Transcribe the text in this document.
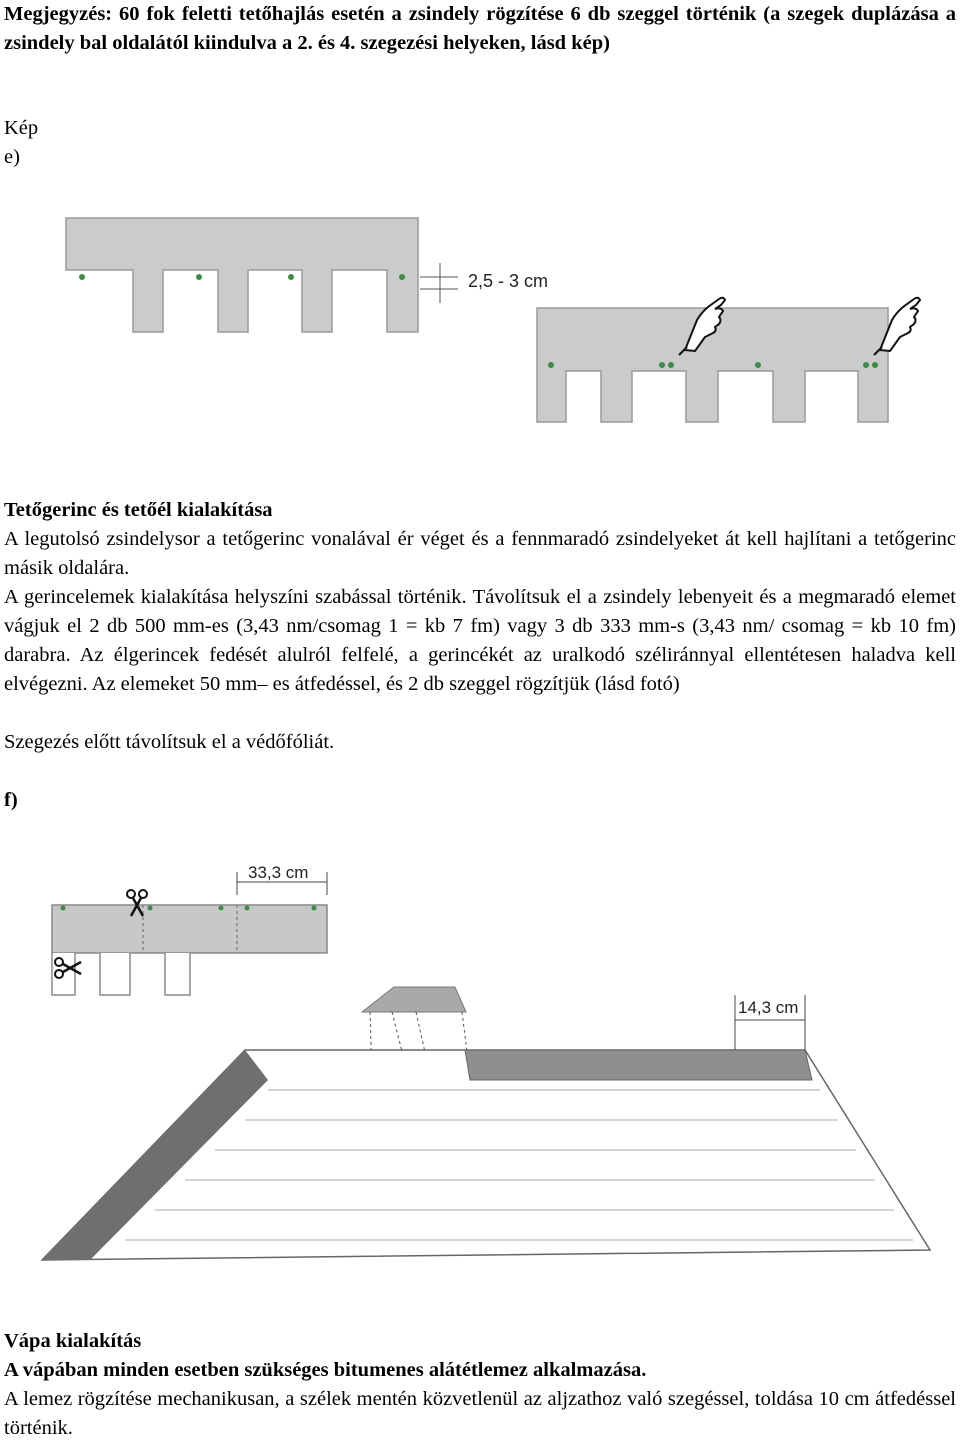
Megjegyzés: 60 fok feletti tetőhajlás esetén a zsindely rögzítése 6 db szeggel történik (a szegek duplázása a zsindely bal oldalától kiindulva a 2. és 4. szegezési helyeken, lásd kép)

Kép

e)

2,5 - 3 cm

Tetőgerinc és tetőél kialakítása

A legutolsó zsindelysor a tetőgerinc vonalával ér véget és a fennmaradó zsindelyeket át kell hajlítani a tetőgerinc másik oldalára.

A gerincelemek kialakítása helyszíni szabással történik. Távolítsuk el a zsindely lebenyeit és a megmaradó elemet vágjuk el 2 db 500 mm-es (3,43 nm/csomag 1 = kb 7 fm) vagy 3 db 333 mm-s (3,43 nm/ csomag = kb 10 fm) darabra. Az élgerincek fedését alulról felfelé, a gerincékét az uralkodó széliránnyal ellentétesen haladva kell elvégezni. Az elemeket 50 mm– es átfedéssel, és 2 db szeggel rögzítjük (lásd fotó)

Szegezés előtt távolítsuk el a védőfóliát.

f)

33,3 cm
14,3 cm

Vápa kialakítás

A vápában minden esetben szükséges bitumenes alátétlemez alkalmazása.

A lemez rögzítése mechanikusan, a szélek mentén közvetlenül az aljzathoz való szegéssel, toldása 10 cm átfedéssel történik.
